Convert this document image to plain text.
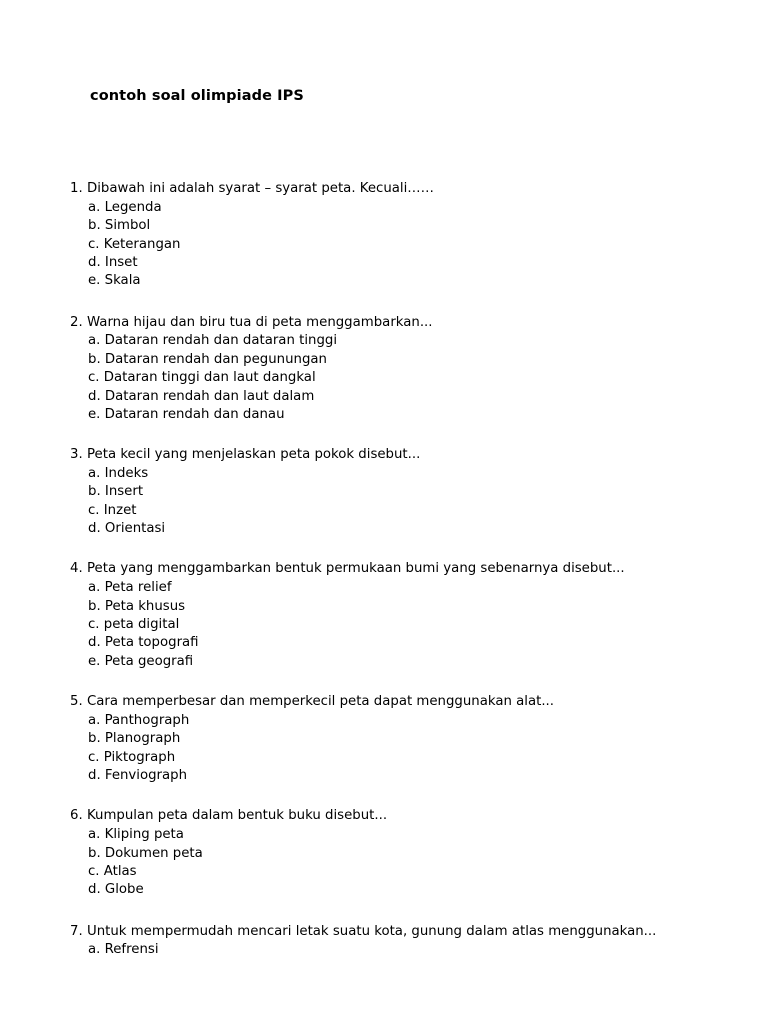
contoh soal olimpiade IPS
1. Dibawah ini adalah syarat – syarat peta. Kecuali……
a. Legenda
b. Simbol
c. Keterangan
d. Inset
e. Skala
2. Warna hijau dan biru tua di peta menggambarkan...
a. Dataran rendah dan dataran tinggi
b. Dataran rendah dan pegunungan
c. Dataran tinggi dan laut dangkal
d. Dataran rendah dan laut dalam
e. Dataran rendah dan danau
3. Peta kecil yang menjelaskan peta pokok disebut...
a. Indeks
b. Insert
c. Inzet
d. Orientasi
4. Peta yang menggambarkan bentuk permukaan bumi yang sebenarnya disebut...
a. Peta relief
b. Peta khusus
c. peta digital
d. Peta topografi
e. Peta geografi
5. Cara memperbesar dan memperkecil peta dapat menggunakan alat...
a. Panthograph
b. Planograph
c. Piktograph
d. Fenviograph
6. Kumpulan peta dalam bentuk buku disebut...
a. Kliping peta
b. Dokumen peta
c. Atlas
d. Globe
7. Untuk mempermudah mencari letak suatu kota, gunung dalam atlas menggunakan...
a. Refrensi
